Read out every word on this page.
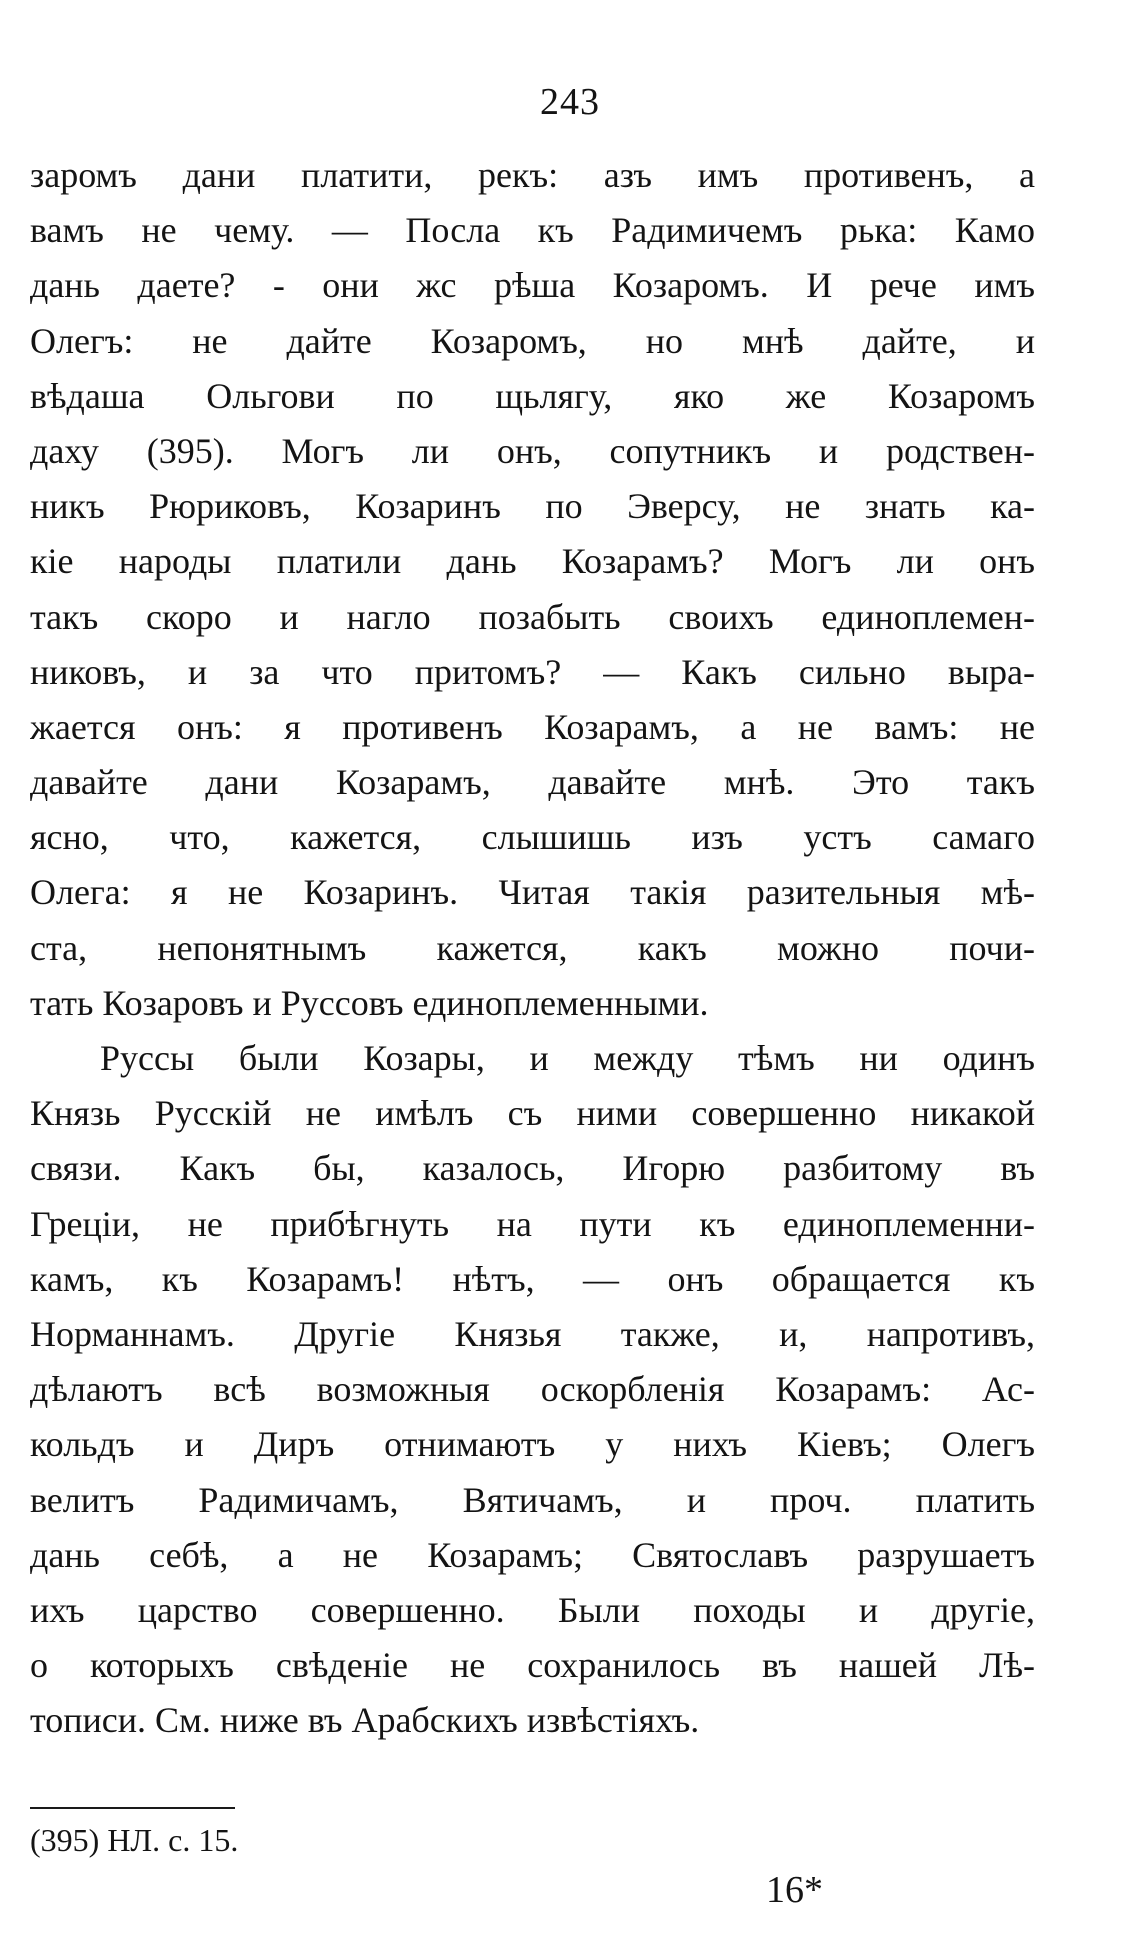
243
заромъ дани платити, рекъ: азъ имъ противенъ, а
вамъ не чему. — Посла къ Радимичемъ рька: Камо
дань даете? - они жс рѣша Козаромъ. И рече имъ
Олегъ: не дайте Козаромъ, но мнѣ дайте, и
вѣдаша Ольгови по щьлягу, яко же Козаромъ
даху (395). Могъ ли онъ, сопутникъ и родствен-
никъ Рюриковъ, Козаринъ по Эверсу, не знать ка-
кіе народы платили дань Козарамъ? Могъ ли онъ
такъ скоро и нагло позабыть своихъ единоплемен-
никовъ, и за что притомъ? — Какъ сильно выра-
жается онъ: я противенъ Козарамъ, а не вамъ: не
давайте дани Козарамъ, давайте мнѣ. Это такъ
ясно, что, кажется, слышишь изъ устъ самаго
Олега: я не Козаринъ. Читая такія разительныя мѣ-
ста, непонятнымъ кажется, какъ можно почи-
тать Козаровъ и Руссовъ единоплеменными.
Руссы были Козары, и между тѣмъ ни одинъ
Князь Русскій не имѣлъ съ ними совершенно никакой
связи. Какъ бы, казалось, Игорю разбитому въ
Греціи, не прибѣгнуть на пути къ единоплеменни-
камъ, къ Козарамъ! нѣтъ, — онъ обращается къ
Норманнамъ. Другіе Князья также, и, напротивъ,
дѣлаютъ всѣ возможныя оскорбленія Козарамъ: Ас-
кольдъ и Диръ отнимаютъ у нихъ Кіевъ; Олегъ
велитъ Радимичамъ, Вятичамъ, и проч. платить
дань себѣ, а не Козарамъ; Святославъ разрушаетъ
ихъ царство совершенно. Были походы и другіе,
о которыхъ свѣденіе не сохранилось въ нашей Лѣ-
тописи. См. ниже въ Арабскихъ извѣстіяхъ.
(395) НЛ. с. 15.
16*
